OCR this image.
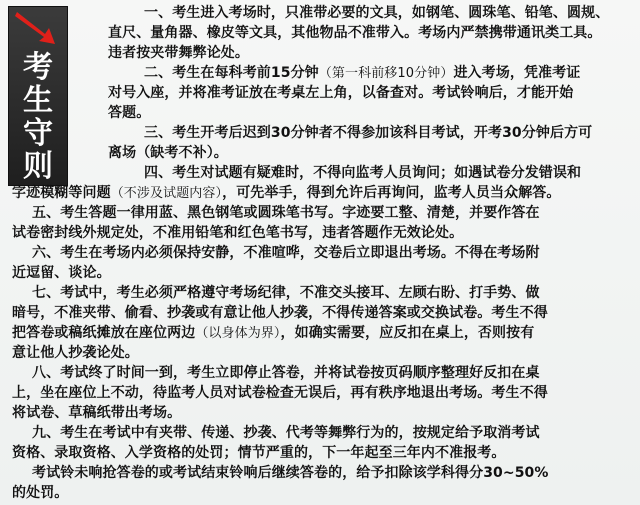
考
生
守
则
一、考生进入考场时，只准带必要的文具，如钢笔、圆珠笔、铅笔、圆规、
直尺、量角器、橡皮等文具，其他物品不准带入。考场内严禁携带通讯类工具。
违者按夹带舞弊论处。
二、考生在每科考前15分钟（第一科前移10分钟）进入考场，凭准考证
对号入座，并将准考证放在考桌左上角，以备查对。考试铃响后，才能开始
答题。
三、考生开考后迟到30分钟者不得参加该科目考试，开考30分钟后方可
离场（缺考不补）。
四、考生对试题有疑难时，不得向监考人员询问；如遇试卷分发错误和
字迹模糊等问题（不涉及试题内容），可先举手，得到允许后再询问，监考人员当众解答。
五、考生答题一律用蓝、黑色钢笔或圆珠笔书写。字迹要工整、清楚，并要作答在
试卷密封线外规定处，不准用铅笔和红色笔书写，违者答题作无效论处。
六、考生在考场内必须保持安静，不准喧哗，交卷后立即退出考场。不得在考场附
近逗留、谈论。
七、考试中，考生必须严格遵守考场纪律，不准交头接耳、左顾右盼、打手势、做
暗号，不准夹带、偷看、抄袭或有意让他人抄袭，不得传递答案或交换试卷。考生不得
把答卷或稿纸摊放在座位两边（以身体为界），如确实需要，应反扣在桌上，否则按有
意让他人抄袭论处。
八、考试终了时间一到，考生立即停止答卷，并将试卷按页码顺序整理好反扣在桌
上，坐在座位上不动，待监考人员对试卷检查无误后，再有秩序地退出考场。考生不得
将试卷、草稿纸带出考场。
九、考生在考试中有夹带、传递、抄袭、代考等舞弊行为的，按规定给予取消考试
资格、录取资格、入学资格的处罚；情节严重的，下一年起至三年内不准报考。
考试铃未响抢答卷的或考试结束铃响后继续答卷的，给予扣除该学科得分30~50%
的处罚。
